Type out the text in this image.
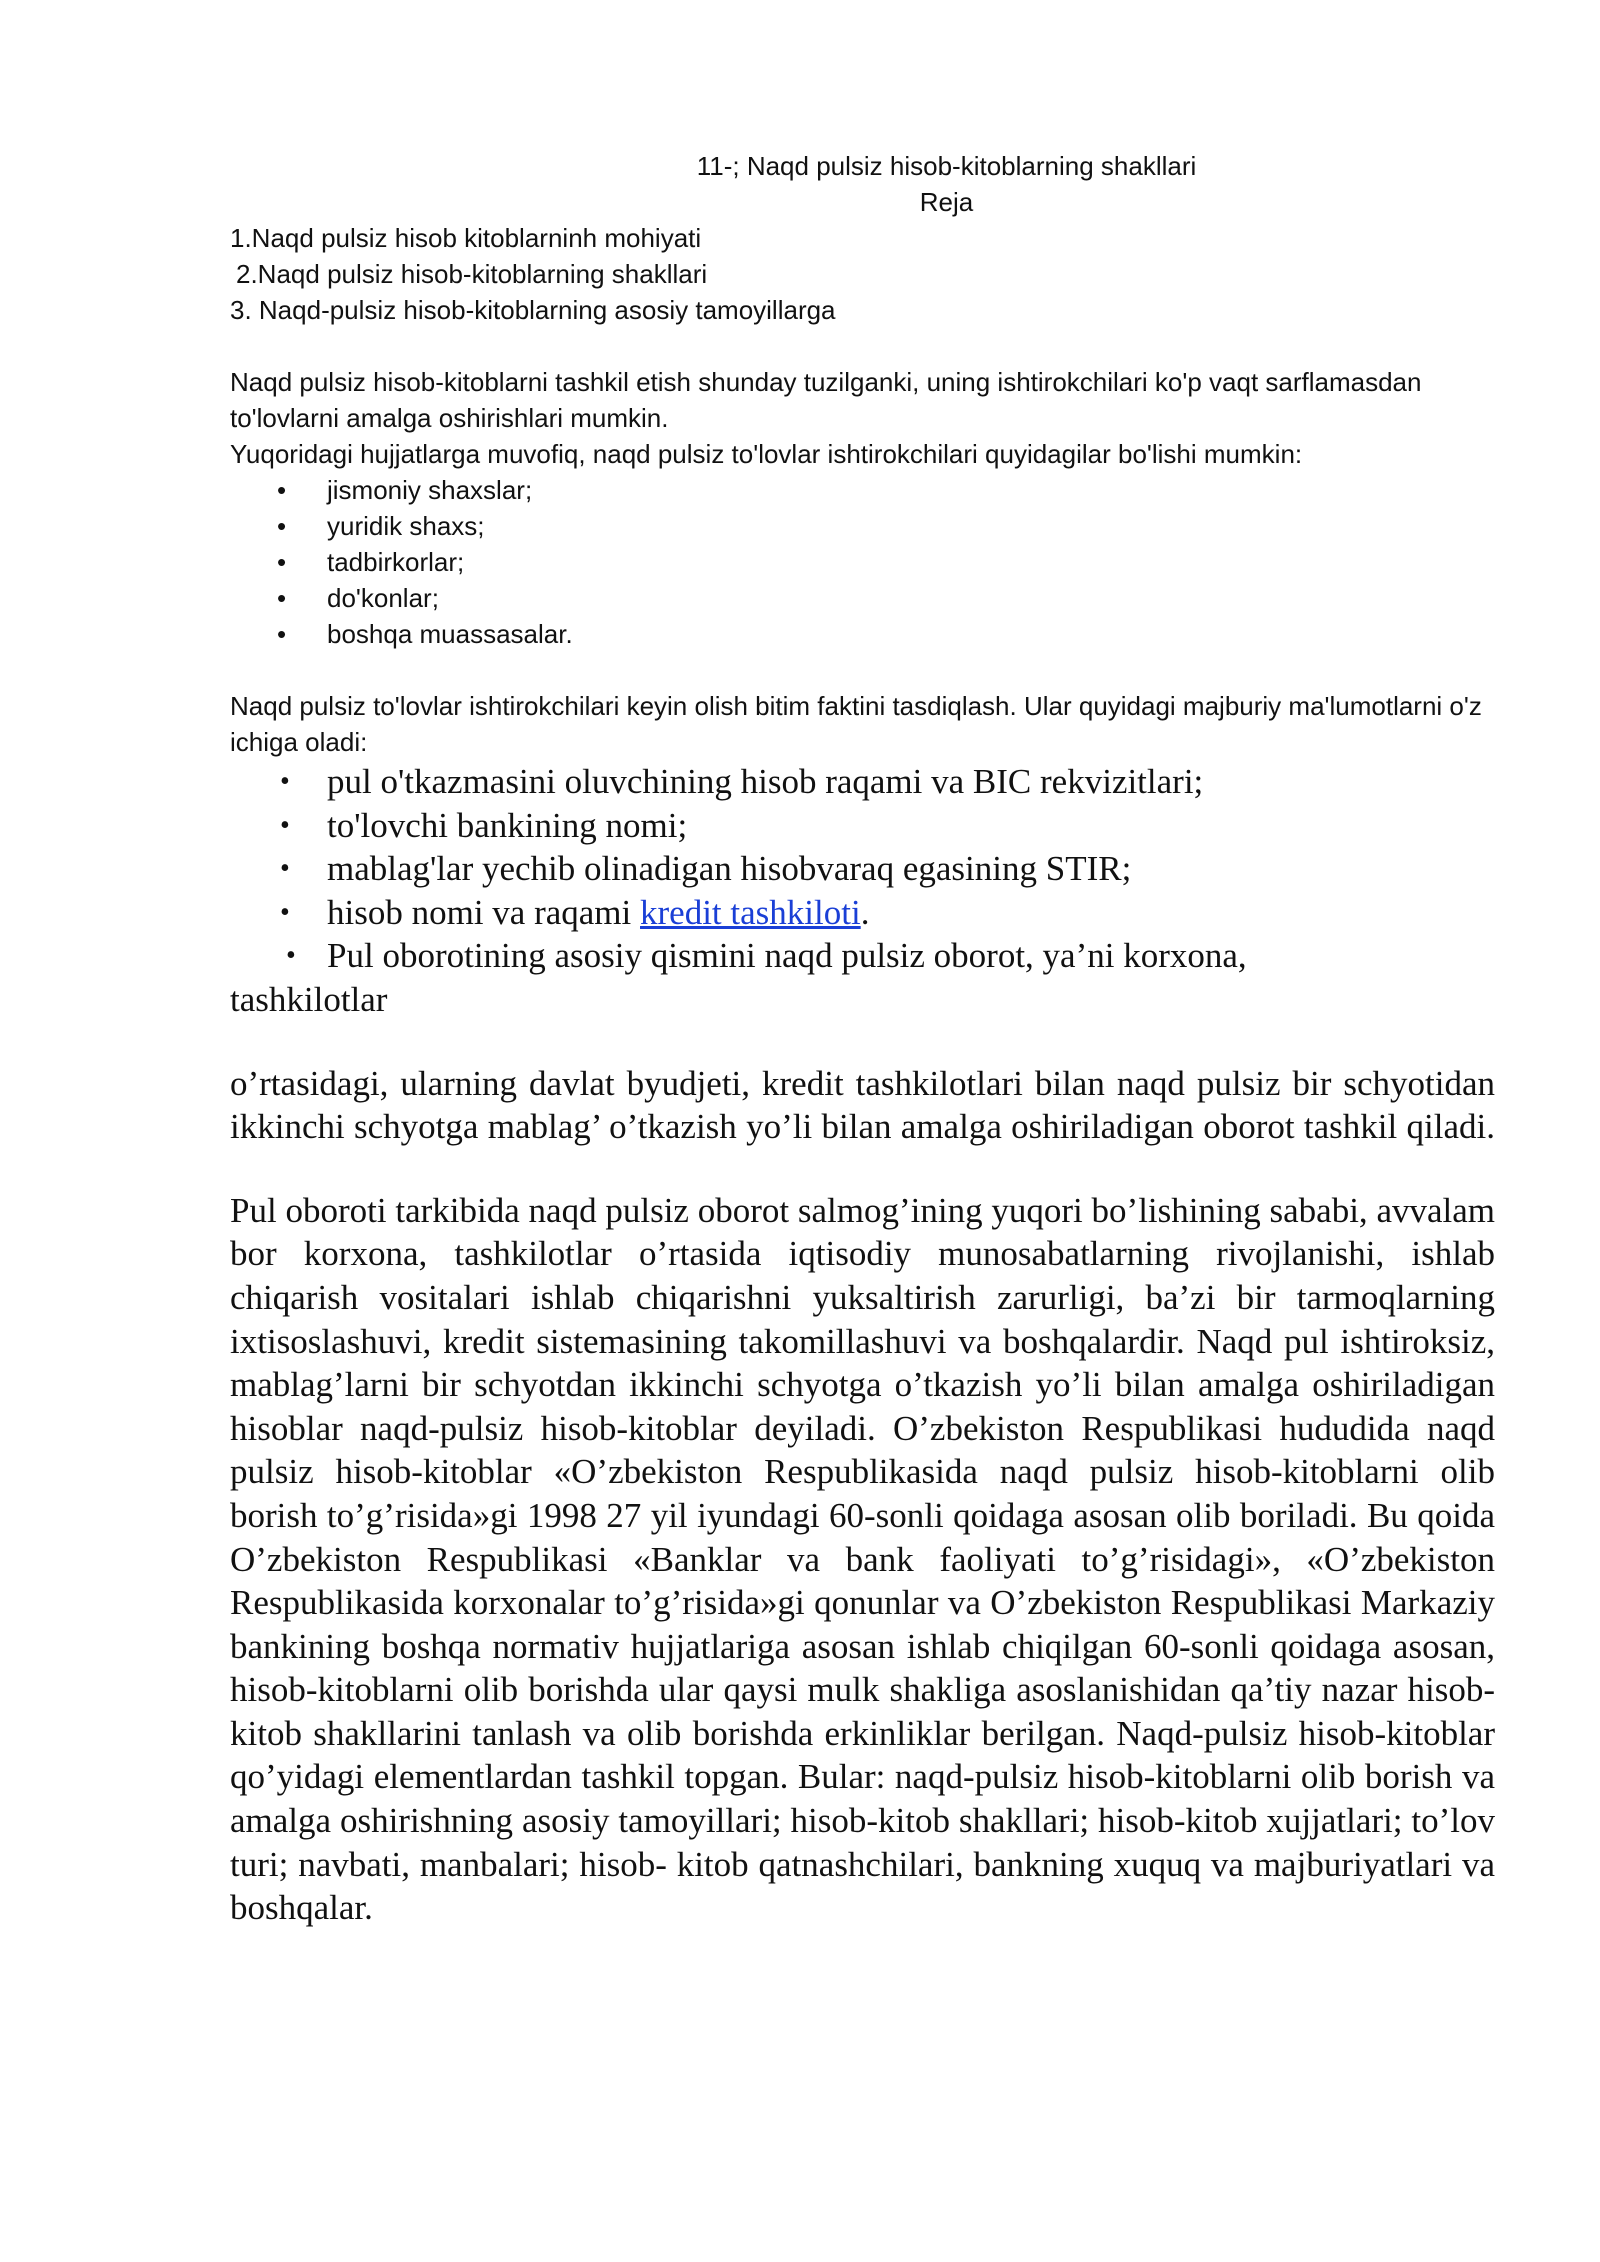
11-; Naqd pulsiz hisob-kitoblarning shakllari

Reja

1.Naqd pulsiz hisob kitoblarninh mohiyati

2.Naqd pulsiz hisob-kitoblarning shakllari

3. Naqd-pulsiz hisob-kitoblarning asosiy tamoyillarga

Naqd pulsiz hisob-kitoblarni tashkil etish shunday tuzilganki, uning ishtirokchilari ko'p vaqt sarflamasdan to'lovlarni amalga oshirishlari mumkin.

Yuqoridagi hujjatlarga muvofiq, naqd pulsiz to'lovlar ishtirokchilari quyidagilar bo'lishi mumkin:

• jismoniy shaxslar;
• yuridik shaxs;
• tadbirkorlar;
• do'konlar;
• boshqa muassasalar.

Naqd pulsiz to'lovlar ishtirokchilari keyin olish bitim faktini tasdiqlash. Ular quyidagi majburiy ma'lumotlarni o'z ichiga oladi:

• pul o'tkazmasini oluvchining hisob raqami va BIC rekvizitlari;
• to'lovchi bankining nomi;
• mablag'lar yechib olinadigan hisobvaraq egasining STIR;
• hisob nomi va raqami kredit tashkiloti.

• Pul oborotining asosiy qismini naqd pulsiz oborot, ya’ni korxona,

tashkilotlar

o’rtasidagi, ularning davlat byudjeti, kredit tashkilotlari bilan naqd pulsiz bir schyotidan ikkinchi schyotga mablag’ o’tkazish yo’li bilan amalga oshiriladigan oborot tashkil qiladi.

Pul oboroti tarkibida naqd pulsiz oborot salmog’ining yuqori bo’lishining sababi, avvalam bor korxona, tashkilotlar o’rtasida iqtisodiy munosabatlarning rivojlanishi, ishlab chiqarish vositalari ishlab chiqarishni yuksaltirish zarurligi, ba’zi bir tarmoqlarning ixtisoslashuvi, kredit sistemasining takomillashuvi va boshqalardir. Naqd pul ishtiroksiz, mablag’larni bir schyotdan ikkinchi schyotga o’tkazish yo’li bilan amalga oshiriladigan hisoblar naqd-pulsiz hisob-kitoblar deyiladi. O’zbekiston Respublikasi hududida naqd pulsiz hisob-kitoblar «O’zbekiston Respublikasida naqd pulsiz hisob-kitoblarni olib borish to’g’risida»gi 1998 27 yil iyundagi 60-sonli qoidaga asosan olib boriladi. Bu qoida O’zbekiston Respublikasi «Banklar va bank faoliyati to’g’risidagi», «O’zbekiston Respublikasida korxonalar to’g’risida»gi qonunlar va O’zbekiston Respublikasi Markaziy bankining boshqa normativ hujjatlariga asosan ishlab chiqilgan 60-sonli qoidaga asosan, hisob-kitoblarni olib borishda ular qaysi mulk shakliga asoslanishidan qa’tiy nazar hisob-kitob shakllarini tanlash va olib borishda erkinliklar berilgan. Naqd-pulsiz hisob-kitoblar qo’yidagi elementlardan tashkil topgan. Bular: naqd-pulsiz hisob-kitoblarni olib borish va amalga oshirishning asosiy tamoyillari; hisob-kitob shakllari; hisob-kitob xujjatlari; to’lov turi; navbati, manbalari; hisob- kitob qatnashchilari, bankning xuquq va majburiyatlari va boshqalar.
